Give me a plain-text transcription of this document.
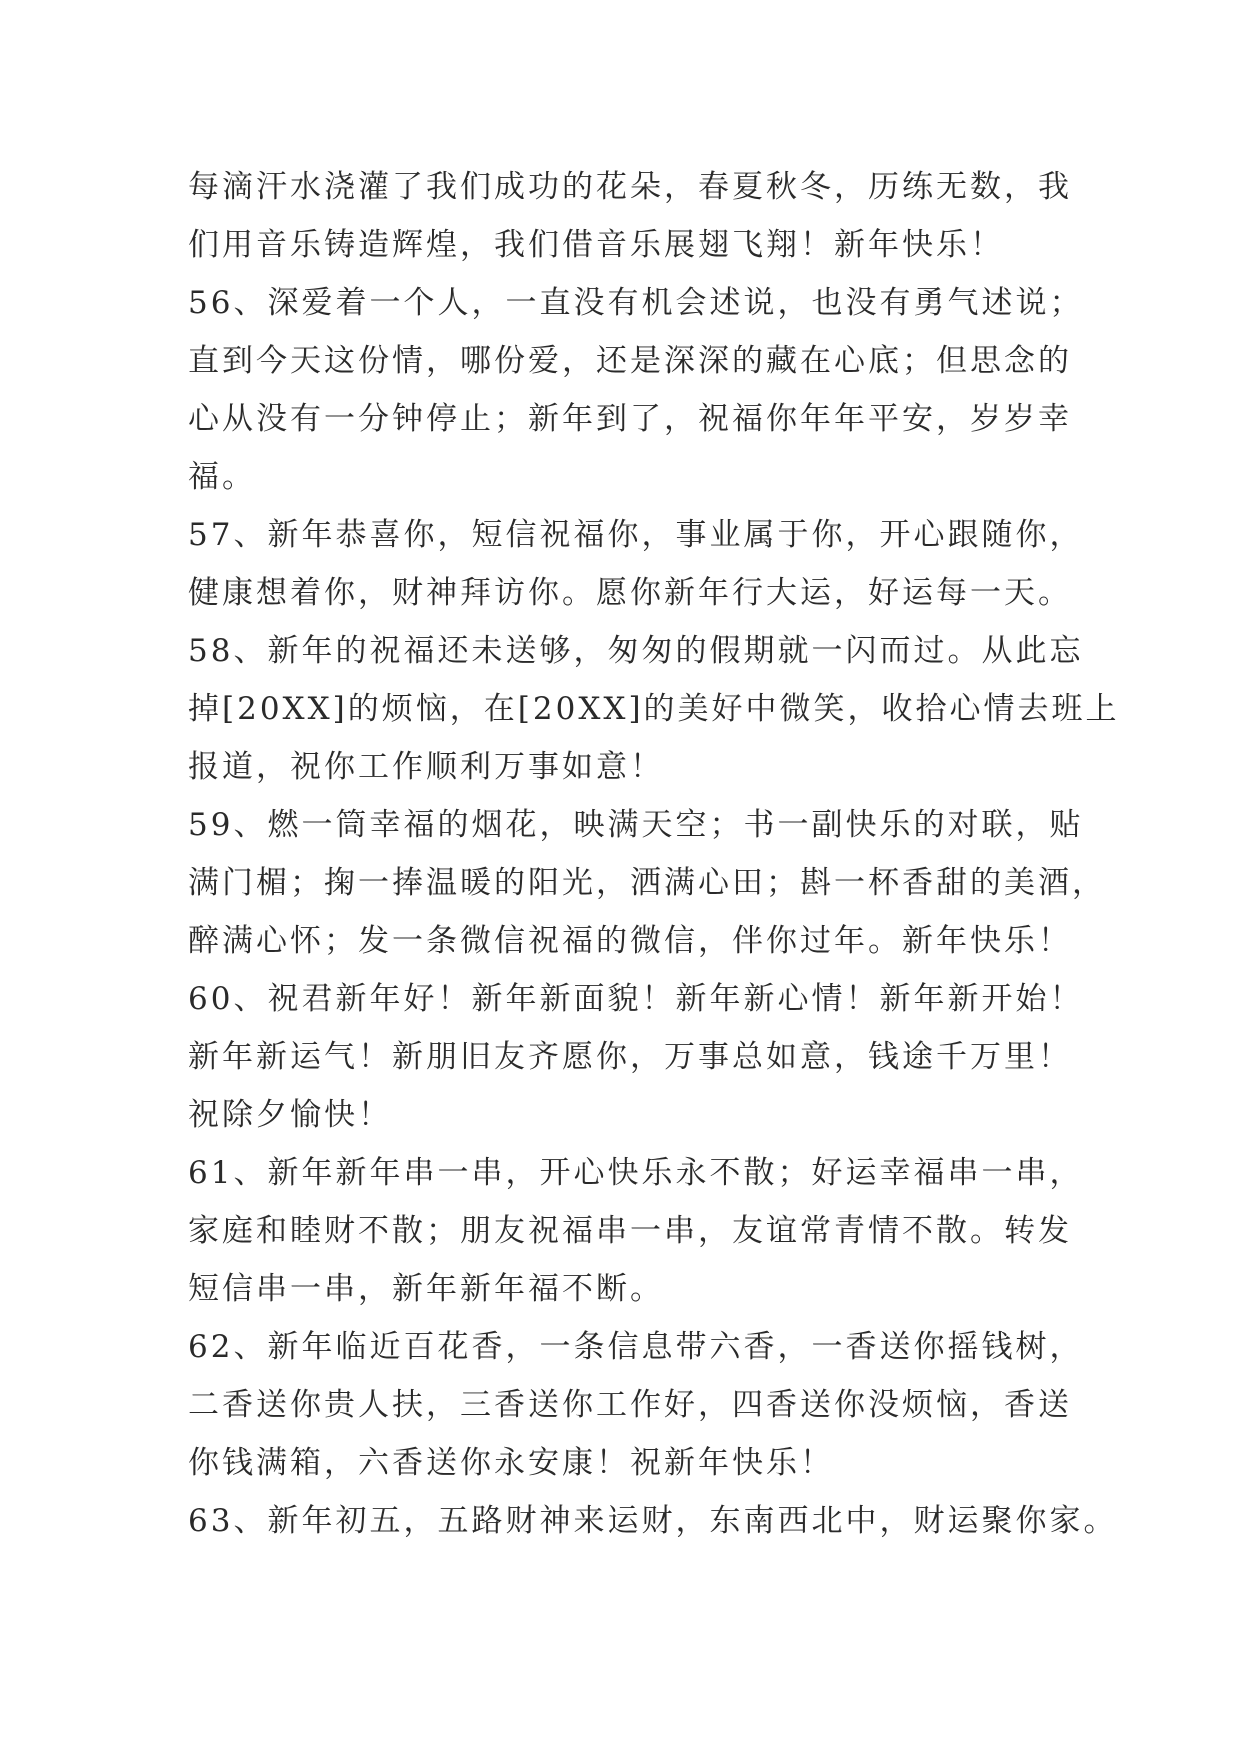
每滴汗水浇灌了我们成功的花朵，春夏秋冬，历练无数，我
们用音乐铸造辉煌，我们借音乐展翅飞翔！新年快乐！
56、深爱着一个人，一直没有机会述说，也没有勇气述说；
直到今天这份情，哪份爱，还是深深的藏在心底；但思念的
心从没有一分钟停止；新年到了，祝福你年年平安，岁岁幸
福。
57、新年恭喜你，短信祝福你，事业属于你，开心跟随你，
健康想着你，财神拜访你。愿你新年行大运，好运每一天。
58、新年的祝福还未送够，匆匆的假期就一闪而过。从此忘
掉[20XX]的烦恼，在[20XX]的美好中微笑，收拾心情去班上
报道，祝你工作顺利万事如意！
59、燃一筒幸福的烟花，映满天空；书一副快乐的对联，贴
满门楣；掬一捧温暖的阳光，洒满心田；斟一杯香甜的美酒，
醉满心怀；发一条微信祝福的微信，伴你过年。新年快乐！
60、祝君新年好！新年新面貌！新年新心情！新年新开始！
新年新运气！新朋旧友齐愿你，万事总如意，钱途千万里！
祝除夕愉快！
61、新年新年串一串，开心快乐永不散；好运幸福串一串，
家庭和睦财不散；朋友祝福串一串，友谊常青情不散。转发
短信串一串，新年新年福不断。
62、新年临近百花香，一条信息带六香，一香送你摇钱树，
二香送你贵人扶，三香送你工作好，四香送你没烦恼，香送
你钱满箱，六香送你永安康！祝新年快乐！
63、新年初五，五路财神来运财，东南西北中，财运聚你家。
